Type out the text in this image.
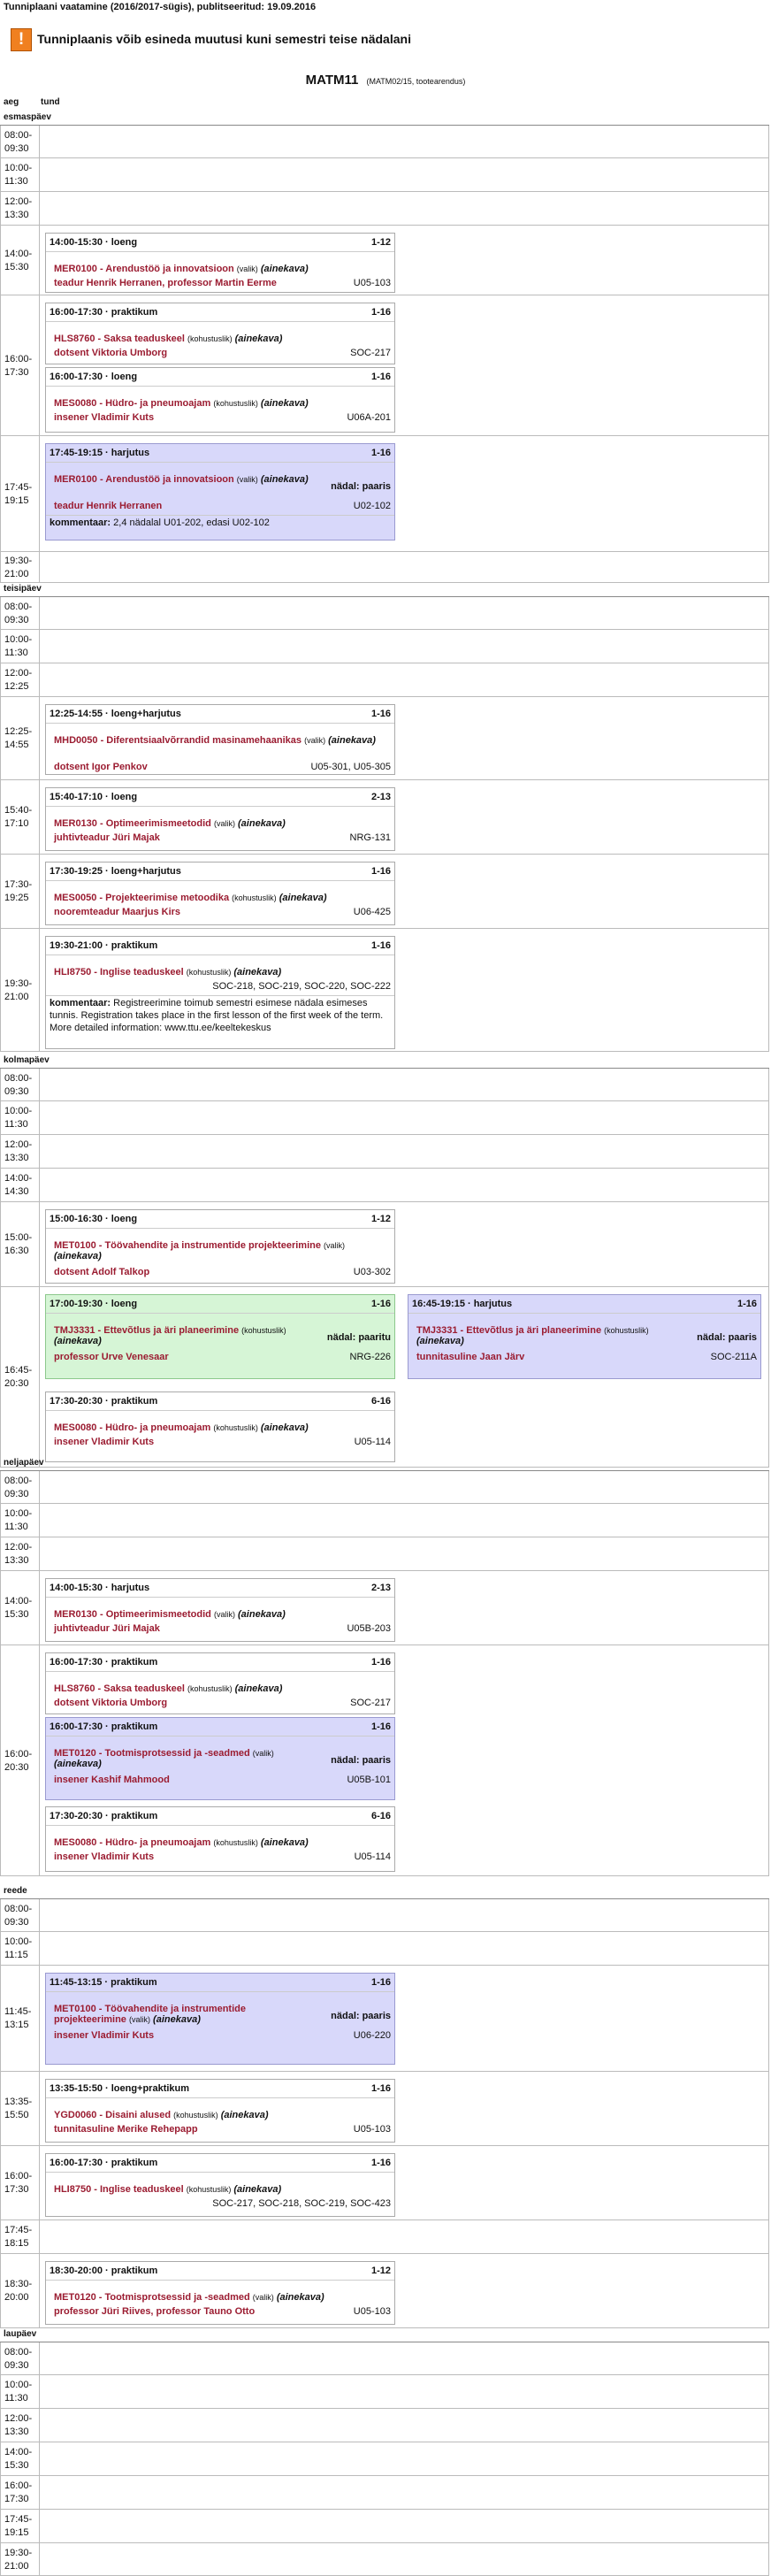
Tunniplaani vaatamine (2016/2017-sügis), publitseeritud: 19.09.2016
!	Tunniplaanis võib esineda muutusi kuni semestri teise nädalani
MATM11 (MATM02/15, tootearendus)
aeg tund
esmaspäev
08:00-09:30
10:00-11:30
12:00-13:30
14:00-15:30
14:00-15:30 · loeng	1-12
MER0100 - Arendustöö ja innovatsioon (valik) (ainekava)
teadur Henrik Herranen, professor Martin Eerme	U05-103
16:00-17:30
16:00-17:30 · praktikum	1-16
HLS8760 - Saksa teaduskeel (kohustuslik) (ainekava)
dotsent Viktoria Umborg	SOC-217
16:00-17:30 · loeng	1-16
MES0080 - Hüdro- ja pneumoajam (kohustuslik) (ainekava)
insener Vladimir Kuts	U06A-201
17:45-19:15
17:45-19:15 · harjutus	1-16
MER0100 - Arendustöö ja innovatsioon (valik) (ainekava)
nädal: paaris
teadur Henrik Herranen	U02-102
kommentaar: 2,4 nädalal U01-202, edasi U02-102
19:30-21:00
teisipäev
08:00-09:30
10:00-11:30
12:00-12:25
12:25-14:55
12:25-14:55 · loeng+harjutus	1-16
MHD0050 - Diferentsiaalvõrrandid masinamehaanikas (valik) (ainekava)
dotsent Igor Penkov	U05-301, U05-305
15:40-17:10
15:40-17:10 · loeng	2-13
MER0130 - Optimeerimismeetodid (valik) (ainekava)
juhtivteadur Jüri Majak	NRG-131
17:30-19:25
17:30-19:25 · loeng+harjutus	1-16
MES0050 - Projekteerimise metoodika (kohustuslik) (ainekava)
nooremteadur Maarjus Kirs	U06-425
19:30-21:00
19:30-21:00 · praktikum	1-16
HLI8750 - Inglise teaduskeel (kohustuslik) (ainekava)
SOC-218, SOC-219, SOC-220, SOC-222
kommentaar: Registreerimine toimub semestri esimese nädala esimeses tunnis. Registration takes place in the first lesson of the first week of the term. More detailed information: www.ttu.ee/keeltekeskus
kolmapäev
08:00-09:30
10:00-11:30
12:00-13:30
14:00-14:30
15:00-16:30
15:00-16:30 · loeng	1-12
MET0100 - Töövahendite ja instrumentide projekteerimine (valik) (ainekava)
dotsent Adolf Talkop	U03-302
16:45-20:30
17:00-19:30 · loeng	1-16
TMJ3331 - Ettevõtlus ja äri planeerimine (kohustuslik) (ainekava)	nädal: paaritu
professor Urve Venesaar	NRG-226
16:45-19:15 · harjutus	1-16
TMJ3331 - Ettevõtlus ja äri planeerimine (kohustuslik) (ainekava)	nädal: paaris
tunnitasuline Jaan Järv	SOC-211A
17:30-20:30 · praktikum	6-16
MES0080 - Hüdro- ja pneumoajam (kohustuslik) (ainekava)
insener Vladimir Kuts	U05-114
neljapäev
08:00-09:30
10:00-11:30
12:00-13:30
14:00-15:30
14:00-15:30 · harjutus	2-13
MER0130 - Optimeerimismeetodid (valik) (ainekava)
juhtivteadur Jüri Majak	U05B-203
16:00-20:30
16:00-17:30 · praktikum	1-16
HLS8760 - Saksa teaduskeel (kohustuslik) (ainekava)
dotsent Viktoria Umborg	SOC-217
16:00-17:30 · praktikum	1-16
MET0120 - Tootmisprotsessid ja -seadmed (valik) (ainekava)	nädal: paaris
insener Kashif Mahmood	U05B-101
17:30-20:30 · praktikum	6-16
MES0080 - Hüdro- ja pneumoajam (kohustuslik) (ainekava)
insener Vladimir Kuts	U05-114
reede
08:00-09:30
10:00-11:15
11:45-13:15
11:45-13:15 · praktikum	1-16
MET0100 - Töövahendite ja instrumentide projekteerimine (valik) (ainekava)	nädal: paaris
insener Vladimir Kuts	U06-220
13:35-15:50
13:35-15:50 · loeng+praktikum	1-16
YGD0060 - Disaini alused (kohustuslik) (ainekava)
tunnitasuline Merike Rehepapp	U05-103
16:00-17:30
16:00-17:30 · praktikum	1-16
HLI8750 - Inglise teaduskeel (kohustuslik) (ainekava)
SOC-217, SOC-218, SOC-219, SOC-423
17:45-18:15
18:30-20:00
18:30-20:00 · praktikum	1-12
MET0120 - Tootmisprotsessid ja -seadmed (valik) (ainekava)
professor Jüri Riives, professor Tauno Otto	U05-103
laupäev
08:00-09:30
10:00-11:30
12:00-13:30
14:00-15:30
16:00-17:30
17:45-19:15
19:30-21:00
